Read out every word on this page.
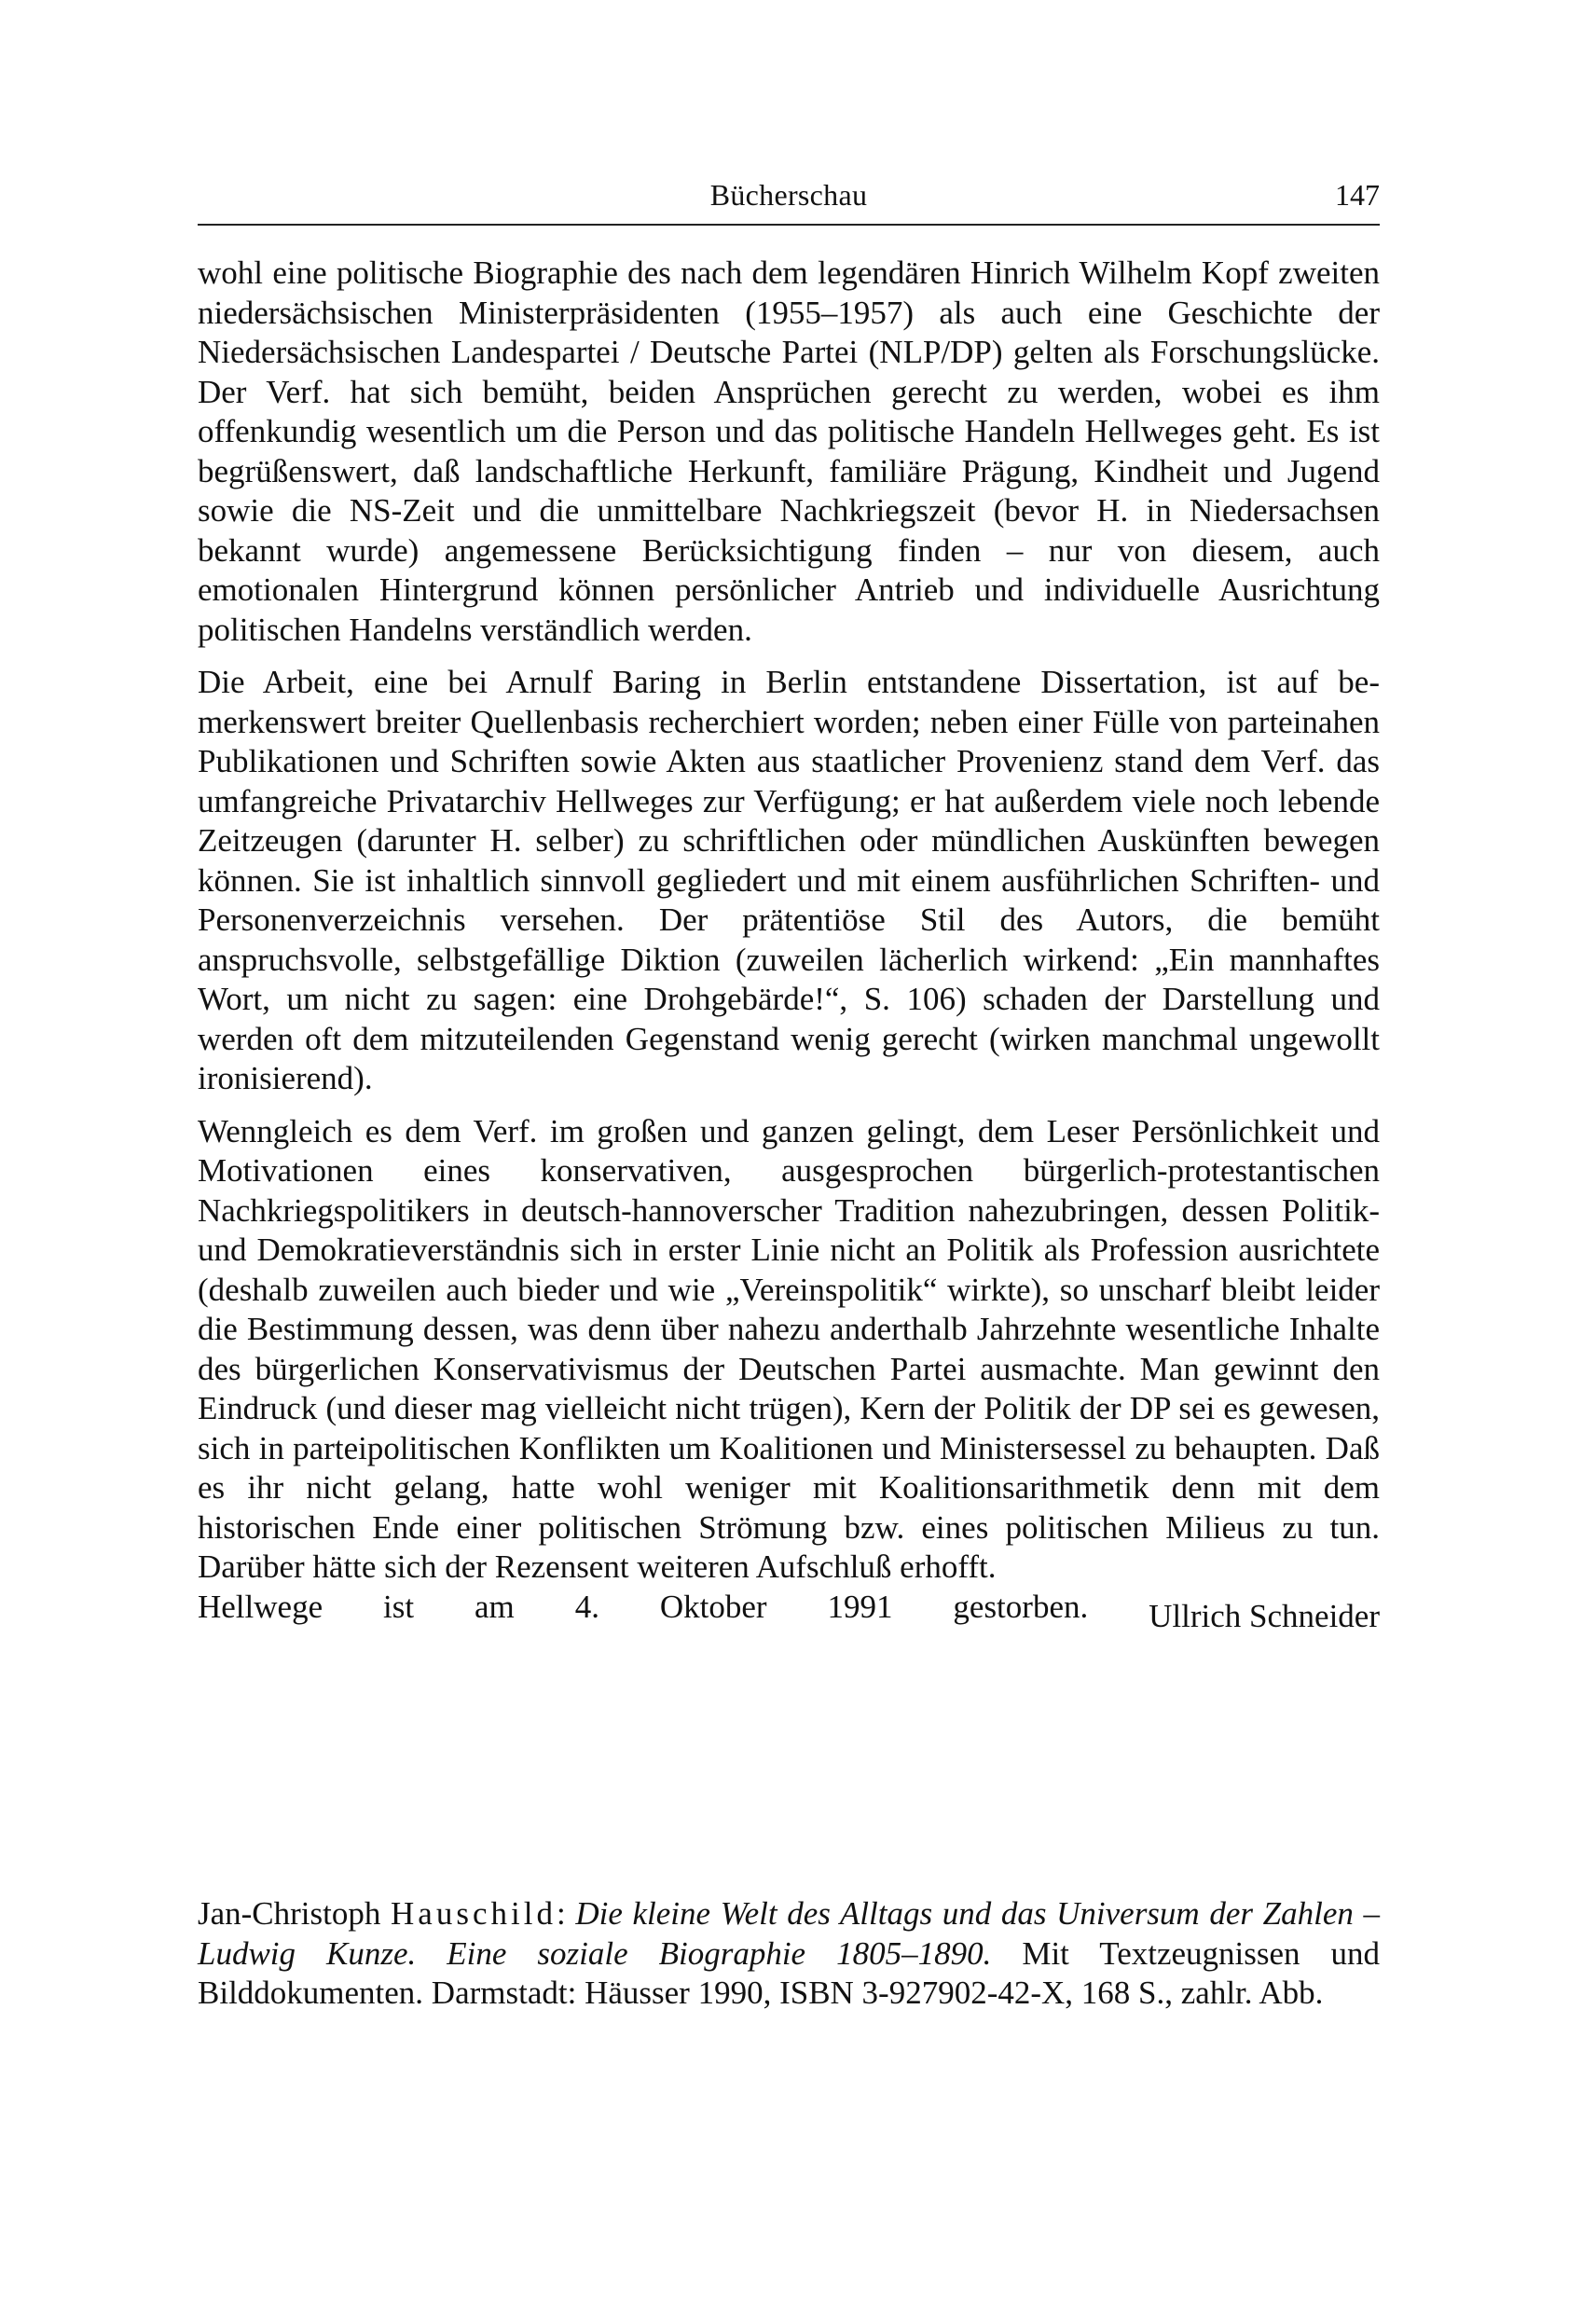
Bücherschau	147

wohl eine politische Biographie des nach dem legendären Hinrich Wilhelm Kopf zweiten niedersächsischen Ministerpräsidenten (1955–1957) als auch eine Geschichte der Niedersächsischen Landespartei / Deutsche Partei (NLP/DP) gelten als Forschungslücke. Der Verf. hat sich bemüht, beiden Ansprüchen gerecht zu werden, wobei es ihm offenkundig wesentlich um die Person und das politische Handeln Hellweges geht. Es ist begrüßenswert, daß landschaftliche Herkunft, familiäre Prägung, Kindheit und Jugend sowie die NS-Zeit und die unmittelbare Nachkriegszeit (bevor H. in Niedersachsen bekannt wurde) angemessene Berücksichtigung finden – nur von diesem, auch emotionalen Hintergrund können persönlicher Antrieb und individuelle Ausrichtung politischen Handelns verständlich werden.

Die Arbeit, eine bei Arnulf Baring in Berlin entstandene Dissertation, ist auf bemerkenswert breiter Quellenbasis recherchiert worden; neben einer Fülle von parteinahen Publikationen und Schriften sowie Akten aus staatlicher Provenienz stand dem Verf. das umfangreiche Privatarchiv Hellweges zur Verfügung; er hat außerdem viele noch lebende Zeitzeugen (darunter H. selber) zu schriftlichen oder mündlichen Auskünften bewegen können. Sie ist inhaltlich sinnvoll gegliedert und mit einem ausführlichen Schriften- und Personenverzeichnis versehen. Der prätentiöse Stil des Autors, die bemüht anspruchsvolle, selbstgefällige Diktion (zuweilen lächerlich wirkend: „Ein mannhaftes Wort, um nicht zu sagen: eine Drohgebärde!“, S. 106) schaden der Darstellung und werden oft dem mitzuteilenden Gegenstand wenig gerecht (wirken manchmal ungewollt ironisierend).

Wenngleich es dem Verf. im großen und ganzen gelingt, dem Leser Persönlichkeit und Motivationen eines konservativen, ausgesprochen bürgerlich-protestantischen Nachkriegspolitikers in deutsch-hannoverscher Tradition nahezubringen, dessen Politik- und Demokratieverständnis sich in erster Linie nicht an Politik als Profession ausrichtete (deshalb zuweilen auch bieder und wie „Vereinspolitik“ wirkte), so unscharf bleibt leider die Bestimmung dessen, was denn über nahezu anderthalb Jahrzehnte wesentliche Inhalte des bürgerlichen Konservativismus der Deutschen Partei ausmachte. Man gewinnt den Eindruck (und dieser mag vielleicht nicht trügen), Kern der Politik der DP sei es gewesen, sich in parteipolitischen Konflikten um Koalitionen und Ministersessel zu behaupten. Daß es ihr nicht gelang, hatte wohl weniger mit Koalitionsarithmetik denn mit dem historischen Ende einer politischen Strömung bzw. eines politischen Milieus zu tun. Darüber hätte sich der Rezensent weiteren Aufschluß erhofft.

Hellwege ist am 4. Oktober 1991 gestorben. Ullrich Schneider
Jan-Christoph Hauschild: Die kleine Welt des Alltags und das Universum der Zahlen – Ludwig Kunze. Eine soziale Biographie 1805–1890. Mit Textzeugnissen und Bilddokumenten. Darmstadt: Häusser 1990, ISBN 3-927902-42-X, 168 S., zahlr. Abb.
